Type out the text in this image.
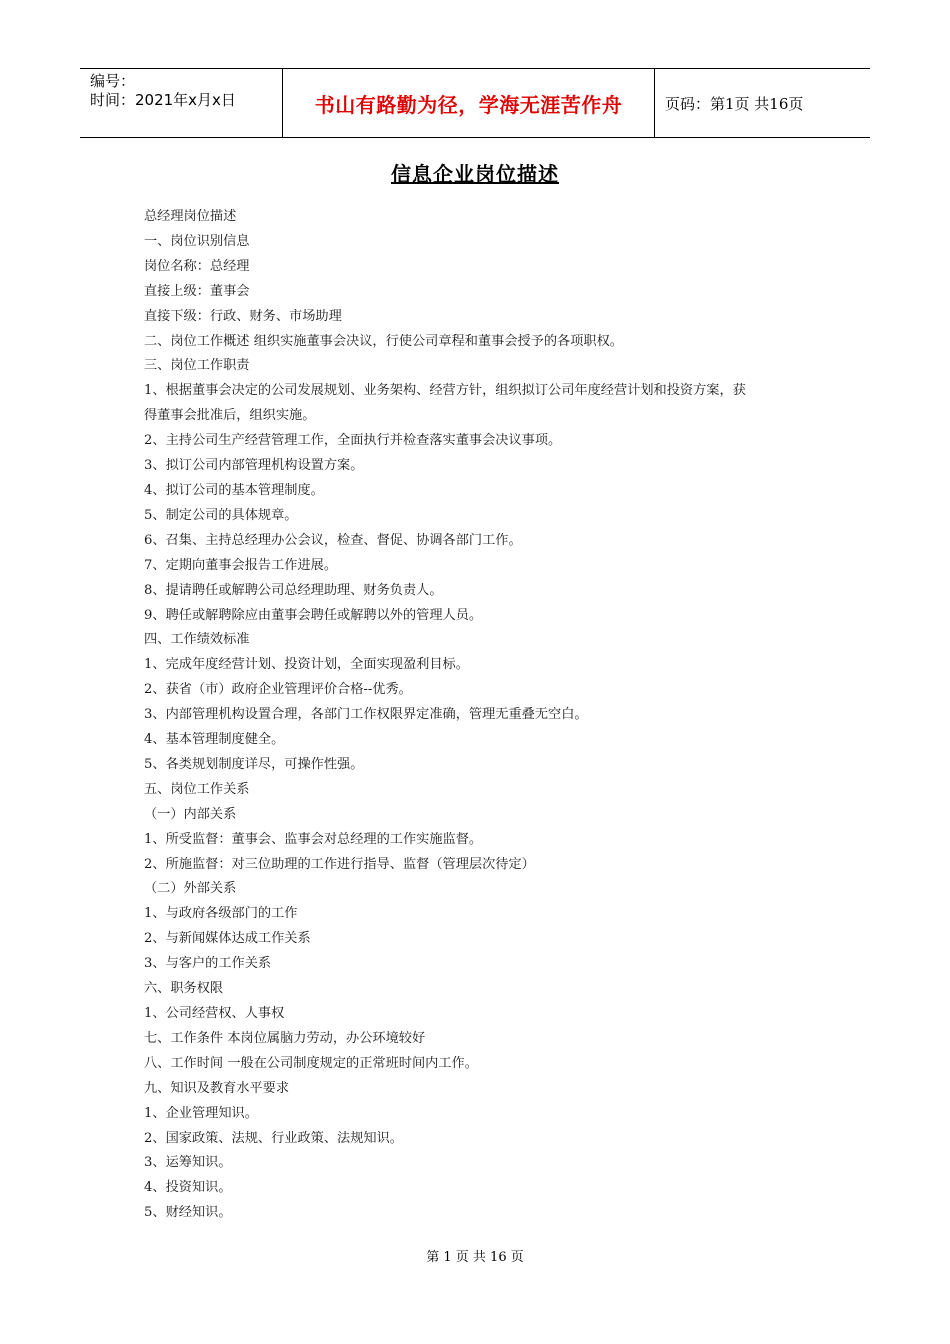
编号：
时间：2021年x月x日	书山有路勤为径，学海无涯苦作舟	页码：第1页 共16页
信息企业岗位描述
总经理岗位描述
一、岗位识别信息
岗位名称：总经理
直接上级：董事会
直接下级：行政、财务、市场助理
二、岗位工作概述 组织实施董事会决议，行使公司章程和董事会授予的各项职权。
三、岗位工作职责
1、根据董事会决定的公司发展规划、业务架构、经营方针，组织拟订公司年度经营计划和投资方案，获
得董事会批准后，组织实施。
2、主持公司生产经营管理工作，全面执行并检查落实董事会决议事项。
3、拟订公司内部管理机构设置方案。
4、拟订公司的基本管理制度。
5、制定公司的具体规章。
6、召集、主持总经理办公会议，检查、督促、协调各部门工作。
7、定期向董事会报告工作进展。
8、提请聘任或解聘公司总经理助理、财务负责人。
9、聘任或解聘除应由董事会聘任或解聘以外的管理人员。
四、工作绩效标准
1、完成年度经营计划、投资计划，全面实现盈利目标。
2、获省（市）政府企业管理评价合格--优秀。
3、内部管理机构设置合理，各部门工作权限界定准确，管理无重叠无空白。
4、基本管理制度健全。
5、各类规划制度详尽，可操作性强。
五、岗位工作关系
（一）内部关系
1、所受监督：董事会、监事会对总经理的工作实施监督。
2、所施监督：对三位助理的工作进行指导、监督（管理层次待定）
（二）外部关系
1、与政府各级部门的工作
2、与新闻媒体达成工作关系
3、与客户的工作关系
六、职务权限
1、公司经营权、人事权
七、工作条件 本岗位属脑力劳动，办公环境较好
八、工作时间 一般在公司制度规定的正常班时间内工作。
九、知识及教育水平要求
1、企业管理知识。
2、国家政策、法规、行业政策、法规知识。
3、运筹知识。
4、投资知识。
5、财经知识。
第 1 页 共 16 页
